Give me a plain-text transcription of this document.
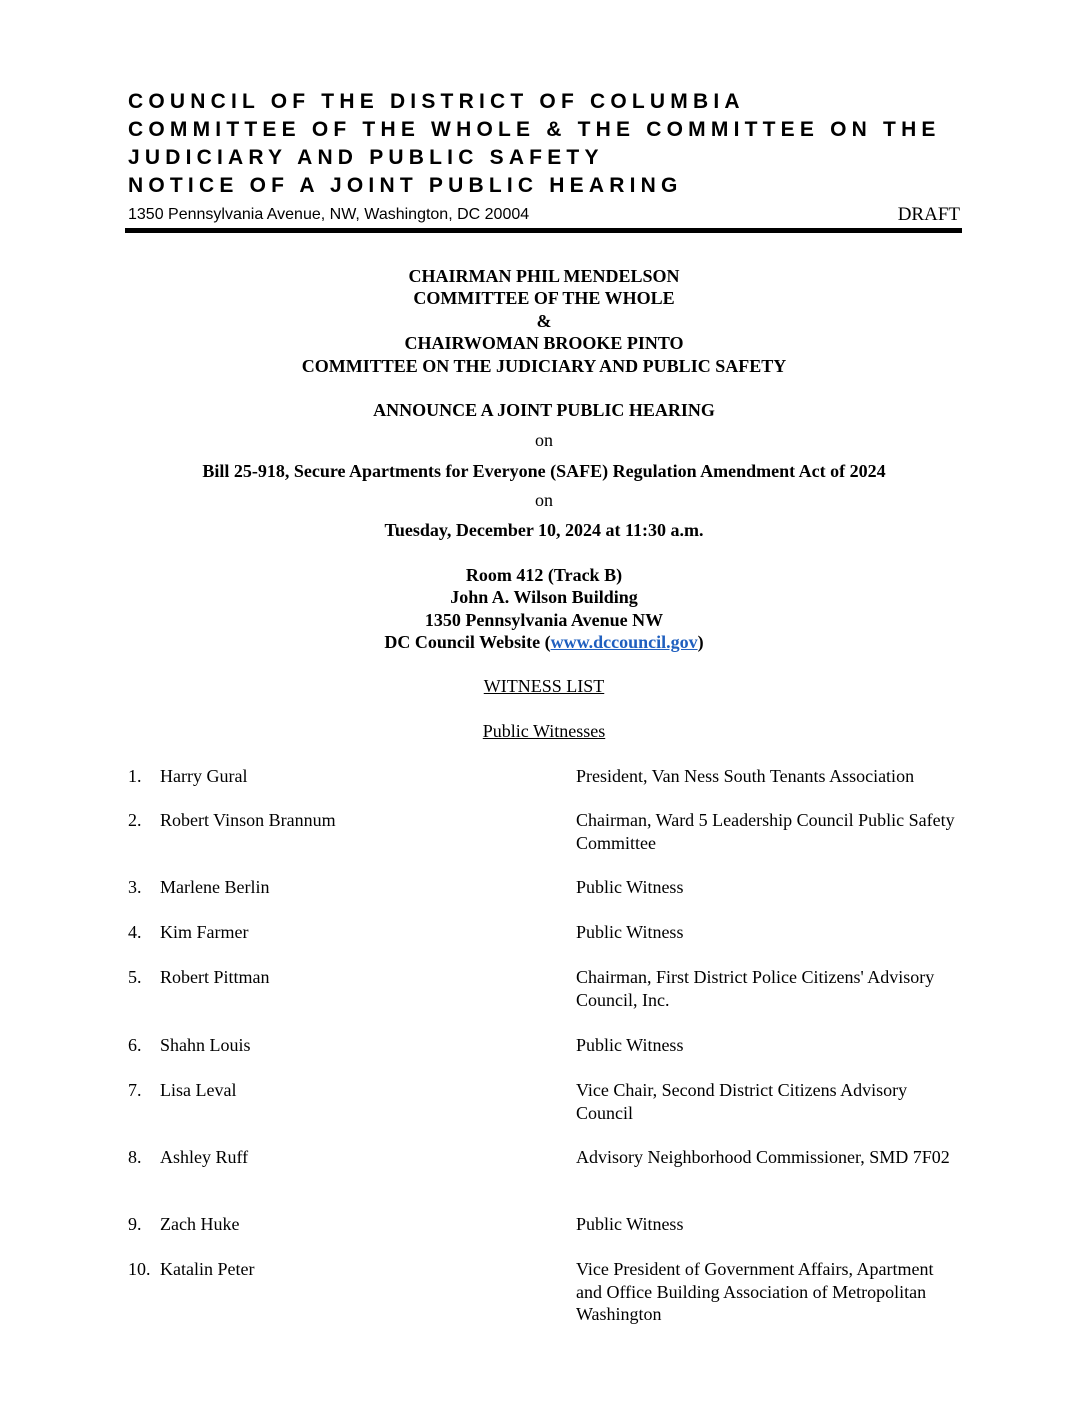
COUNCIL OF THE DISTRICT OF COLUMBIA
COMMITTEE OF THE WHOLE & THE COMMITTEE ON THE
JUDICIARY AND PUBLIC SAFETY
NOTICE OF A JOINT PUBLIC HEARING
1350 Pennsylvania Avenue, NW, Washington, DC 20004	DRAFT
CHAIRMAN PHIL MENDELSON
COMMITTEE OF THE WHOLE
&
CHAIRWOMAN BROOKE PINTO
COMMITTEE ON THE JUDICIARY AND PUBLIC SAFETY
ANNOUNCE A JOINT PUBLIC HEARING
on
Bill 25-918, Secure Apartments for Everyone (SAFE) Regulation Amendment Act of 2024
on
Tuesday, December 10, 2024 at 11:30 a.m.
Room 412 (Track B)
John A. Wilson Building
1350 Pennsylvania Avenue NW
DC Council Website (www.dccouncil.gov)
WITNESS LIST
Public Witnesses
1. Harry Gural	President, Van Ness South Tenants Association
2. Robert Vinson Brannum	Chairman, Ward 5 Leadership Council Public Safety Committee
3. Marlene Berlin	Public Witness
4. Kim Farmer	Public Witness
5. Robert Pittman	Chairman, First District Police Citizens' Advisory Council, Inc.
6. Shahn Louis	Public Witness
7. Lisa Leval	Vice Chair, Second District Citizens Advisory Council
8. Ashley Ruff	Advisory Neighborhood Commissioner, SMD 7F02
9. Zach Huke	Public Witness
10. Katalin Peter	Vice President of Government Affairs, Apartment and Office Building Association of Metropolitan Washington
